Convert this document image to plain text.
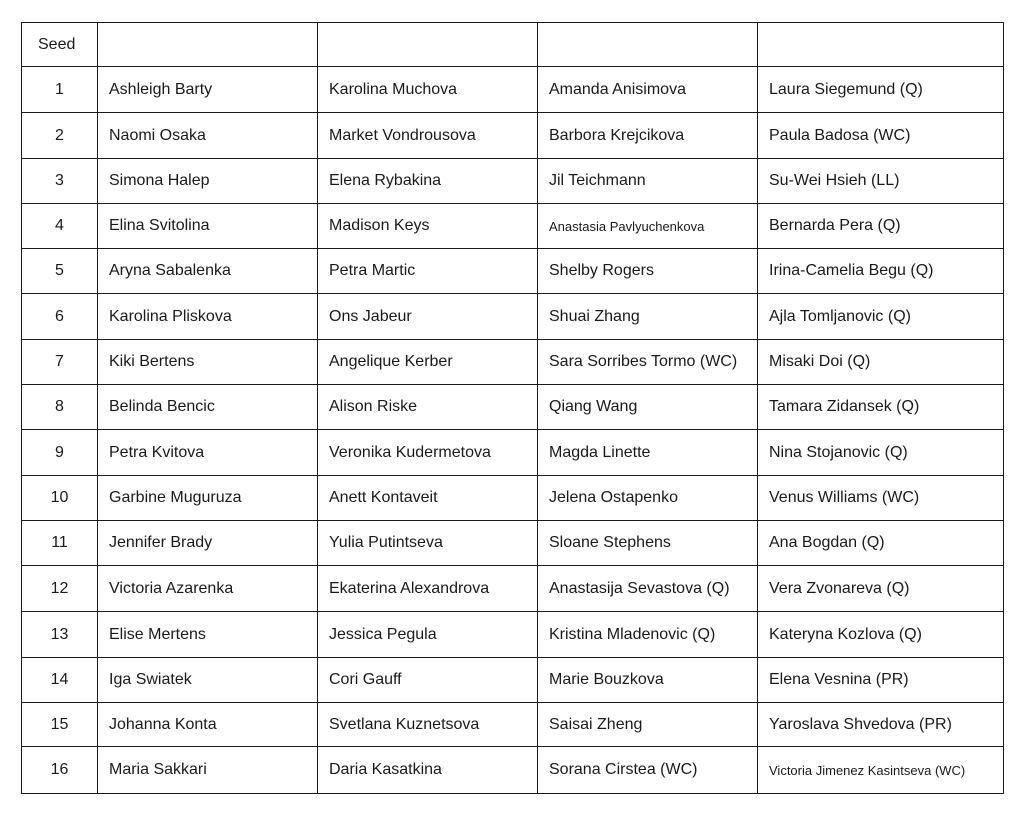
Seed				
1	Ashleigh Barty	Karolina Muchova	Amanda Anisimova	Laura Siegemund (Q)
2	Naomi Osaka	Market Vondrousova	Barbora Krejcikova	Paula Badosa (WC)
3	Simona Halep	Elena Rybakina	Jil Teichmann	Su-Wei Hsieh (LL)
4	Elina Svitolina	Madison Keys	Anastasia Pavlyuchenkova	Bernarda Pera (Q)
5	Aryna Sabalenka	Petra Martic	Shelby Rogers	Irina-Camelia Begu (Q)
6	Karolina Pliskova	Ons Jabeur	Shuai Zhang	Ajla Tomljanovic (Q)
7	Kiki Bertens	Angelique Kerber	Sara Sorribes Tormo (WC)	Misaki Doi (Q)
8	Belinda Bencic	Alison Riske	Qiang Wang	Tamara Zidansek (Q)
9	Petra Kvitova	Veronika Kudermetova	Magda Linette	Nina Stojanovic (Q)
10	Garbine Muguruza	Anett Kontaveit	Jelena Ostapenko	Venus Williams (WC)
11	Jennifer Brady	Yulia Putintseva	Sloane Stephens	Ana Bogdan (Q)
12	Victoria Azarenka	Ekaterina Alexandrova	Anastasija Sevastova (Q)	Vera Zvonareva (Q)
13	Elise Mertens	Jessica Pegula	Kristina Mladenovic (Q)	Kateryna Kozlova (Q)
14	Iga Swiatek	Cori Gauff	Marie Bouzkova	Elena Vesnina (PR)
15	Johanna Konta	Svetlana Kuznetsova	Saisai Zheng	Yaroslava Shvedova (PR)
16	Maria Sakkari	Daria Kasatkina	Sorana Cirstea (WC)	Victoria Jimenez Kasintseva (WC)
